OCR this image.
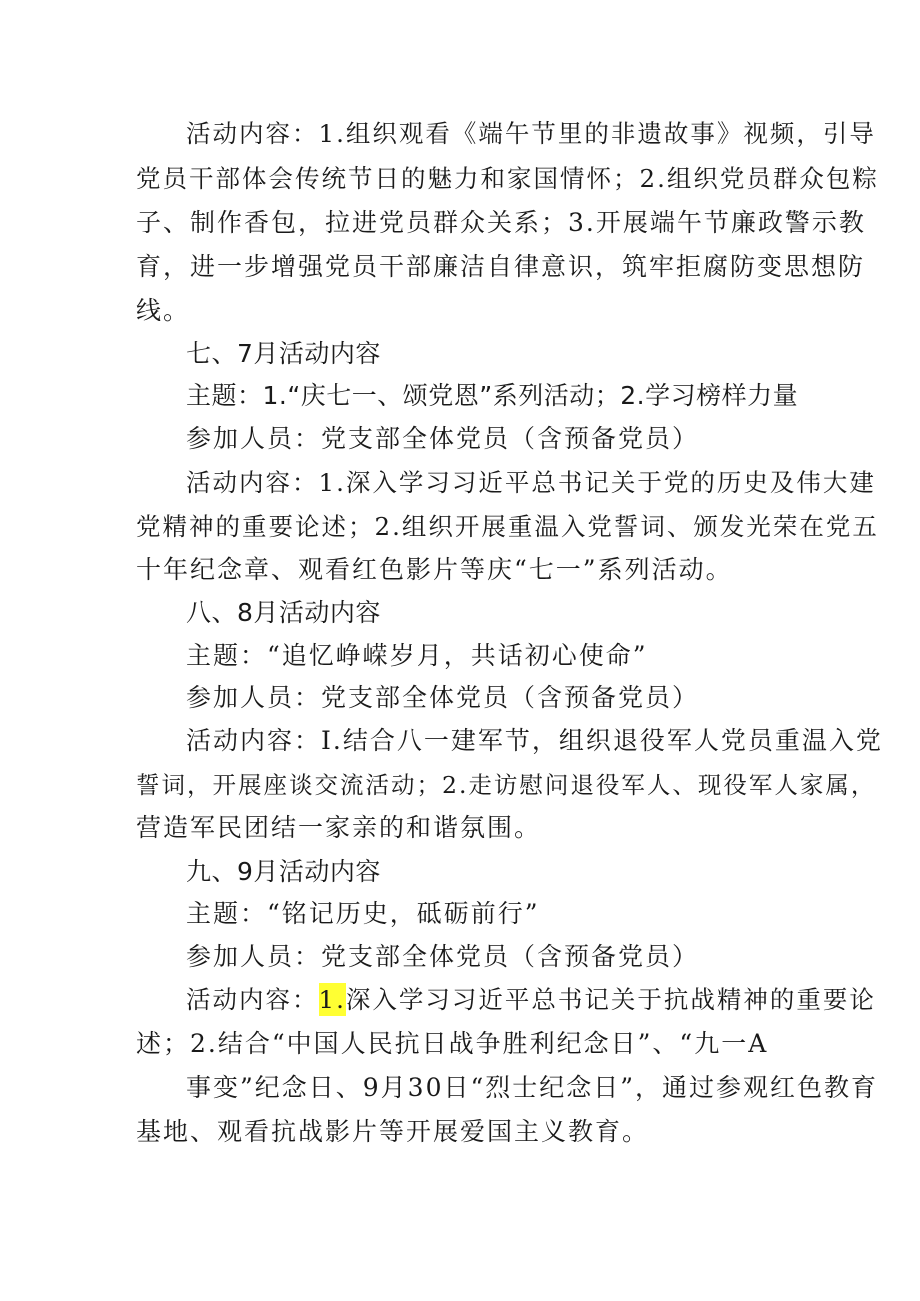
活动内容：1.组织观看《端午节里的非遗故事》视频，引导
党员干部体会传统节日的魅力和家国情怀；2.组织党员群众包粽
子、制作香包，拉进党员群众关系；3.开展端午节廉政警示教
育，进一步增强党员干部廉洁自律意识，筑牢拒腐防变思想防
线。
七、7月活动内容
主题：1.“庆七一、颂党恩”系列活动；2.学习榜样力量
参加人员：党支部全体党员（含预备党员）
活动内容：1.深入学习习近平总书记关于党的历史及伟大建
党精神的重要论述；2.组织开展重温入党誓词、颁发光荣在党五
十年纪念章、观看红色影片等庆“七一”系列活动。
八、8月活动内容
主题：“追忆峥嵘岁月，共话初心使命”
参加人员：党支部全体党员（含预备党员）
活动内容：I.结合八一建军节，组织退役军人党员重温入党
誓词，开展座谈交流活动；2.走访慰问退役军人、现役军人家属，
营造军民团结一家亲的和谐氛围。
九、9月活动内容
主题：“铭记历史，砥砺前行”
参加人员：党支部全体党员（含预备党员）
活动内容：1.深入学习习近平总书记关于抗战精神的重要论
述；2.结合“中国人民抗日战争胜利纪念日”、“九一A
事变”纪念日、9月30日“烈士纪念日”，通过参观红色教育
基地、观看抗战影片等开展爱国主义教育。
